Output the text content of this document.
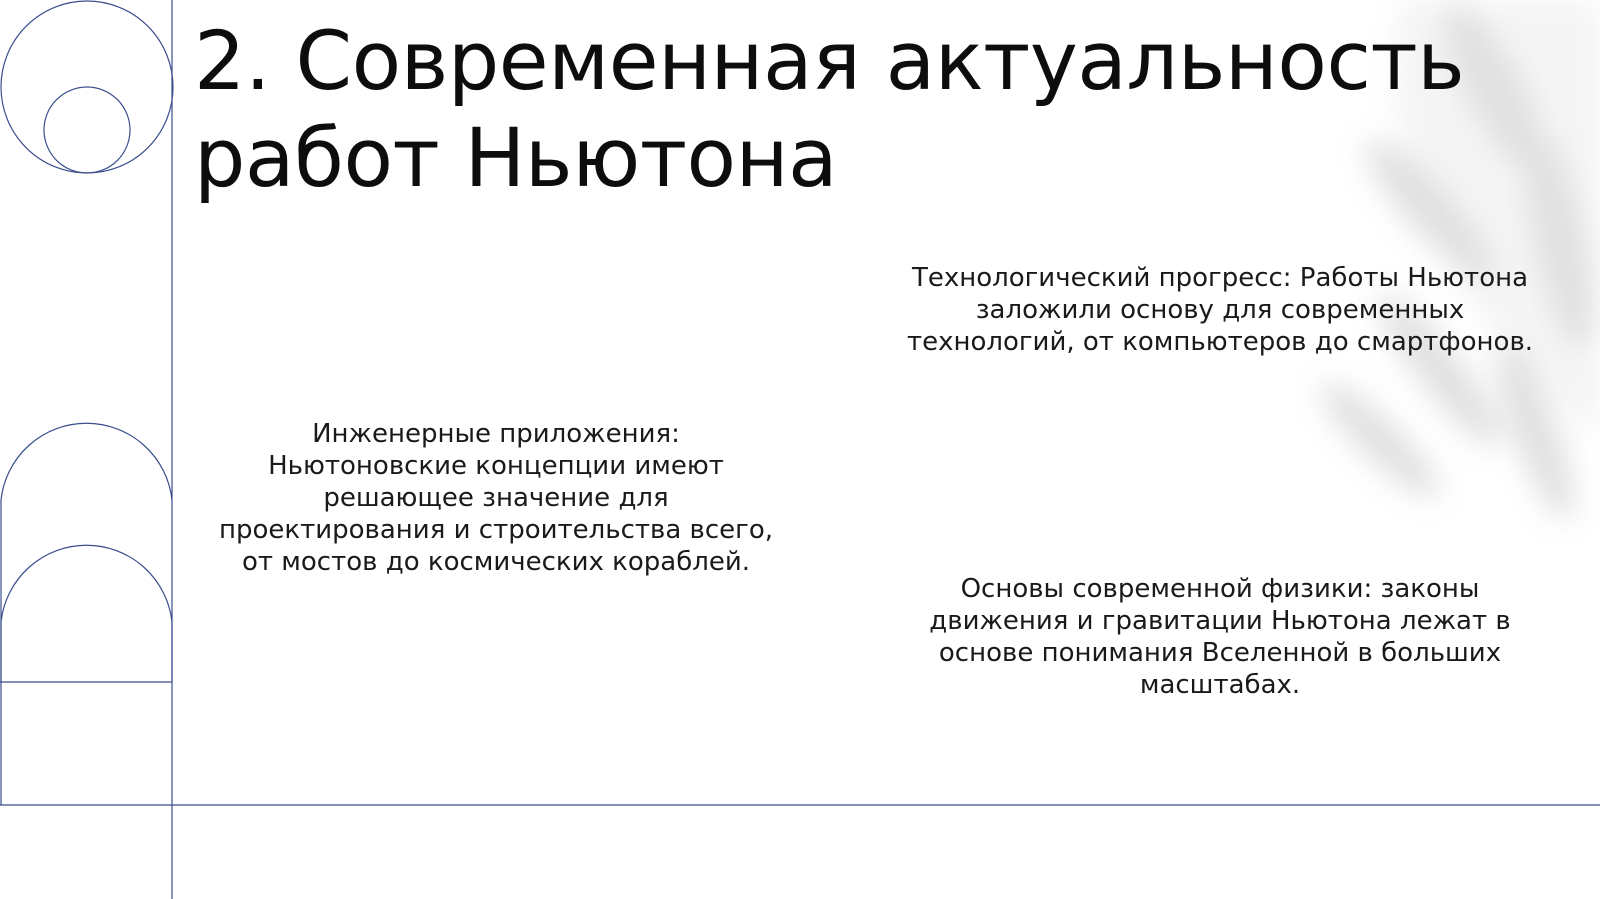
2. Современная актуальность
работ Ньютона

Технологический прогресс: Работы Ньютона
заложили основу для современных
технологий, от компьютеров до смартфонов.

Инженерные приложения:
Ньютоновские концепции имеют
решающее значение для
проектирования и строительства всего,
от мостов до космических кораблей.

Основы современной физики: законы
движения и гравитации Ньютона лежат в
основе понимания Вселенной в больших
масштабах.
